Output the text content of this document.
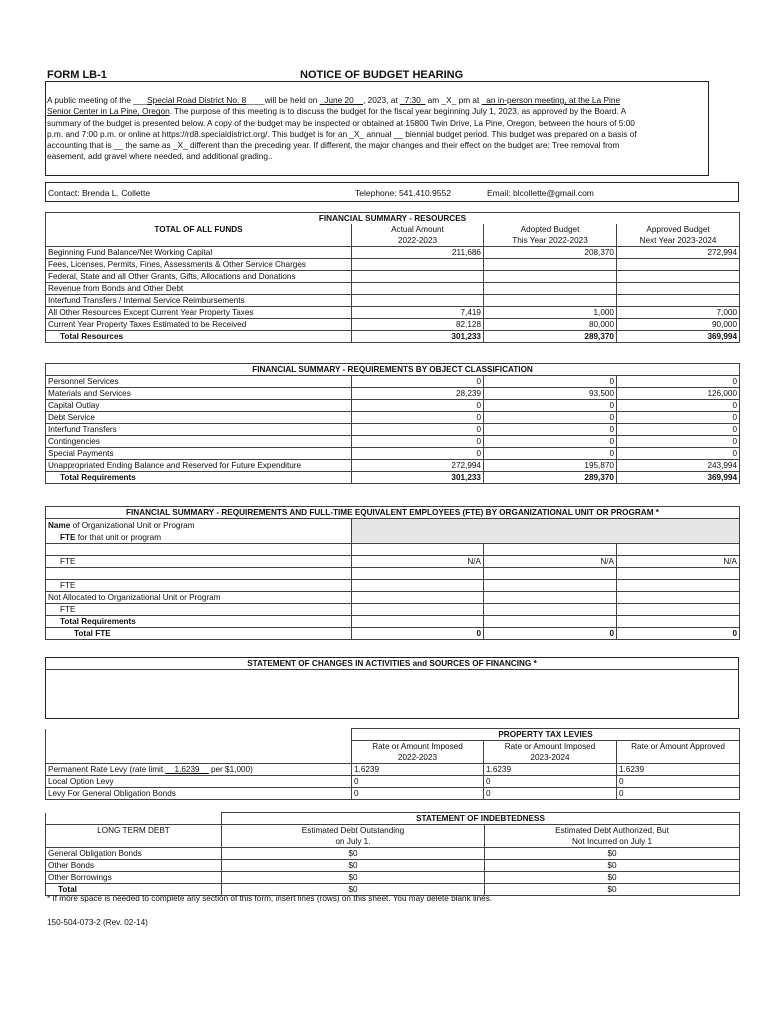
FORM LB-1	NOTICE OF BUDGET HEARING
A public meeting of the ___Special Road District No. 8____will be held on _June 20__, 2023, at _7:30_ am _X_ pm at _an in-person meeting, at the La Pine
Senior Center in La Pine, Oregon. The purpose of this meeting is to discuss the budget for the fiscal year beginning July 1, 2023, as approved by the Board. A
summary of the budget is presented below. A copy of the budget may be inspected or obtained at 15800 Twin Drive, La Pine, Oregon, between the hours of 5:00
p.m. and 7:00 p.m. or online at https://rd8.specialdistrict.org/. This budget is for an _X_ annual __ biennial budget period. This budget was prepared on a basis of
accounting that is __ the same as _X_ different than the preceding year. If different, the major changes and their effect on the budget are: Tree removal from
easement, add gravel where needed, and additional grading..
Contact: Brenda L. Collette	Telephone: 541.410.9552	Email: blcollette@gmail.com
FINANCIAL SUMMARY - RESOURCES			
TOTAL OF ALL FUNDS	Actual Amount	Adopted Budget	Approved Budget
	2022-2023	This Year 2022-2023	Next Year 2023-2024
Beginning Fund Balance/Net Working Capital	211,686	208,370	272,994
Fees, Licenses, Permits, Fines, Assessments & Other Service Charges			
Federal, State and all Other Grants, Gifts, Allocations and Donations			
Revenue from Bonds and Other Debt			
Interfund Transfers / Internal Service Reimbursements			
All Other Resources Except Current Year Property Taxes	7,419	1,000	7,000
Current Year Property Taxes Estimated to be Received	82,128	80,000	90,000
Total Resources	301,233	289,370	369,994
FINANCIAL SUMMARY - REQUIREMENTS BY OBJECT CLASSIFICATION			
Personnel Services	0	0	0
Materials and Services	28,239	93,500	126,000
Capital Outlay	0	0	0
Debt Service	0	0	0
Interfund Transfers	0	0	0
Contingencies	0	0	0
Special Payments	0	0	0
Unappropriated Ending Balance and Reserved for Future Expenditure	272,994	195,870	243,994
Total Requirements	301,233	289,370	369,994
FINANCIAL SUMMARY - REQUIREMENTS AND FULL-TIME EQUIVALENT EMPLOYEES (FTE) BY ORGANIZATIONAL UNIT OR PROGRAM *			
Name of Organizational Unit or Program			
FTE for that unit or program			

FTE	N/A	N/A	N/A

FTE			
Not Allocated to Organizational Unit or Program			
FTE			
Total Requirements			
Total FTE	0	0	0
STATEMENT OF CHANGES IN ACTIVITIES and SOURCES OF FINANCING *
	PROPERTY TAX LEVIES		
	Rate or Amount Imposed	Rate or Amount Imposed	Rate or Amount Approved
	2022-2023	2023-2024	
Permanent Rate Levy (rate limit __1.6239__ per $1,000)	1.6239	1.6239	1.6239
Local Option Levy	0	0	0
Levy For General Obligation Bonds	0	0	0
	STATEMENT OF INDEBTEDNESS	
LONG TERM DEBT	Estimated Debt Outstanding	Estimated Debt Authorized, But
	on July 1.	Not Incurred on July 1
General Obligation Bonds	$0	$0
Other Bonds	$0	$0
Other Borrowings	$0	$0
Total	$0	$0
* If more space is needed to complete any section of this form, insert lines (rows) on this sheet. You may delete blank lines.
150-504-073-2 (Rev. 02-14)
